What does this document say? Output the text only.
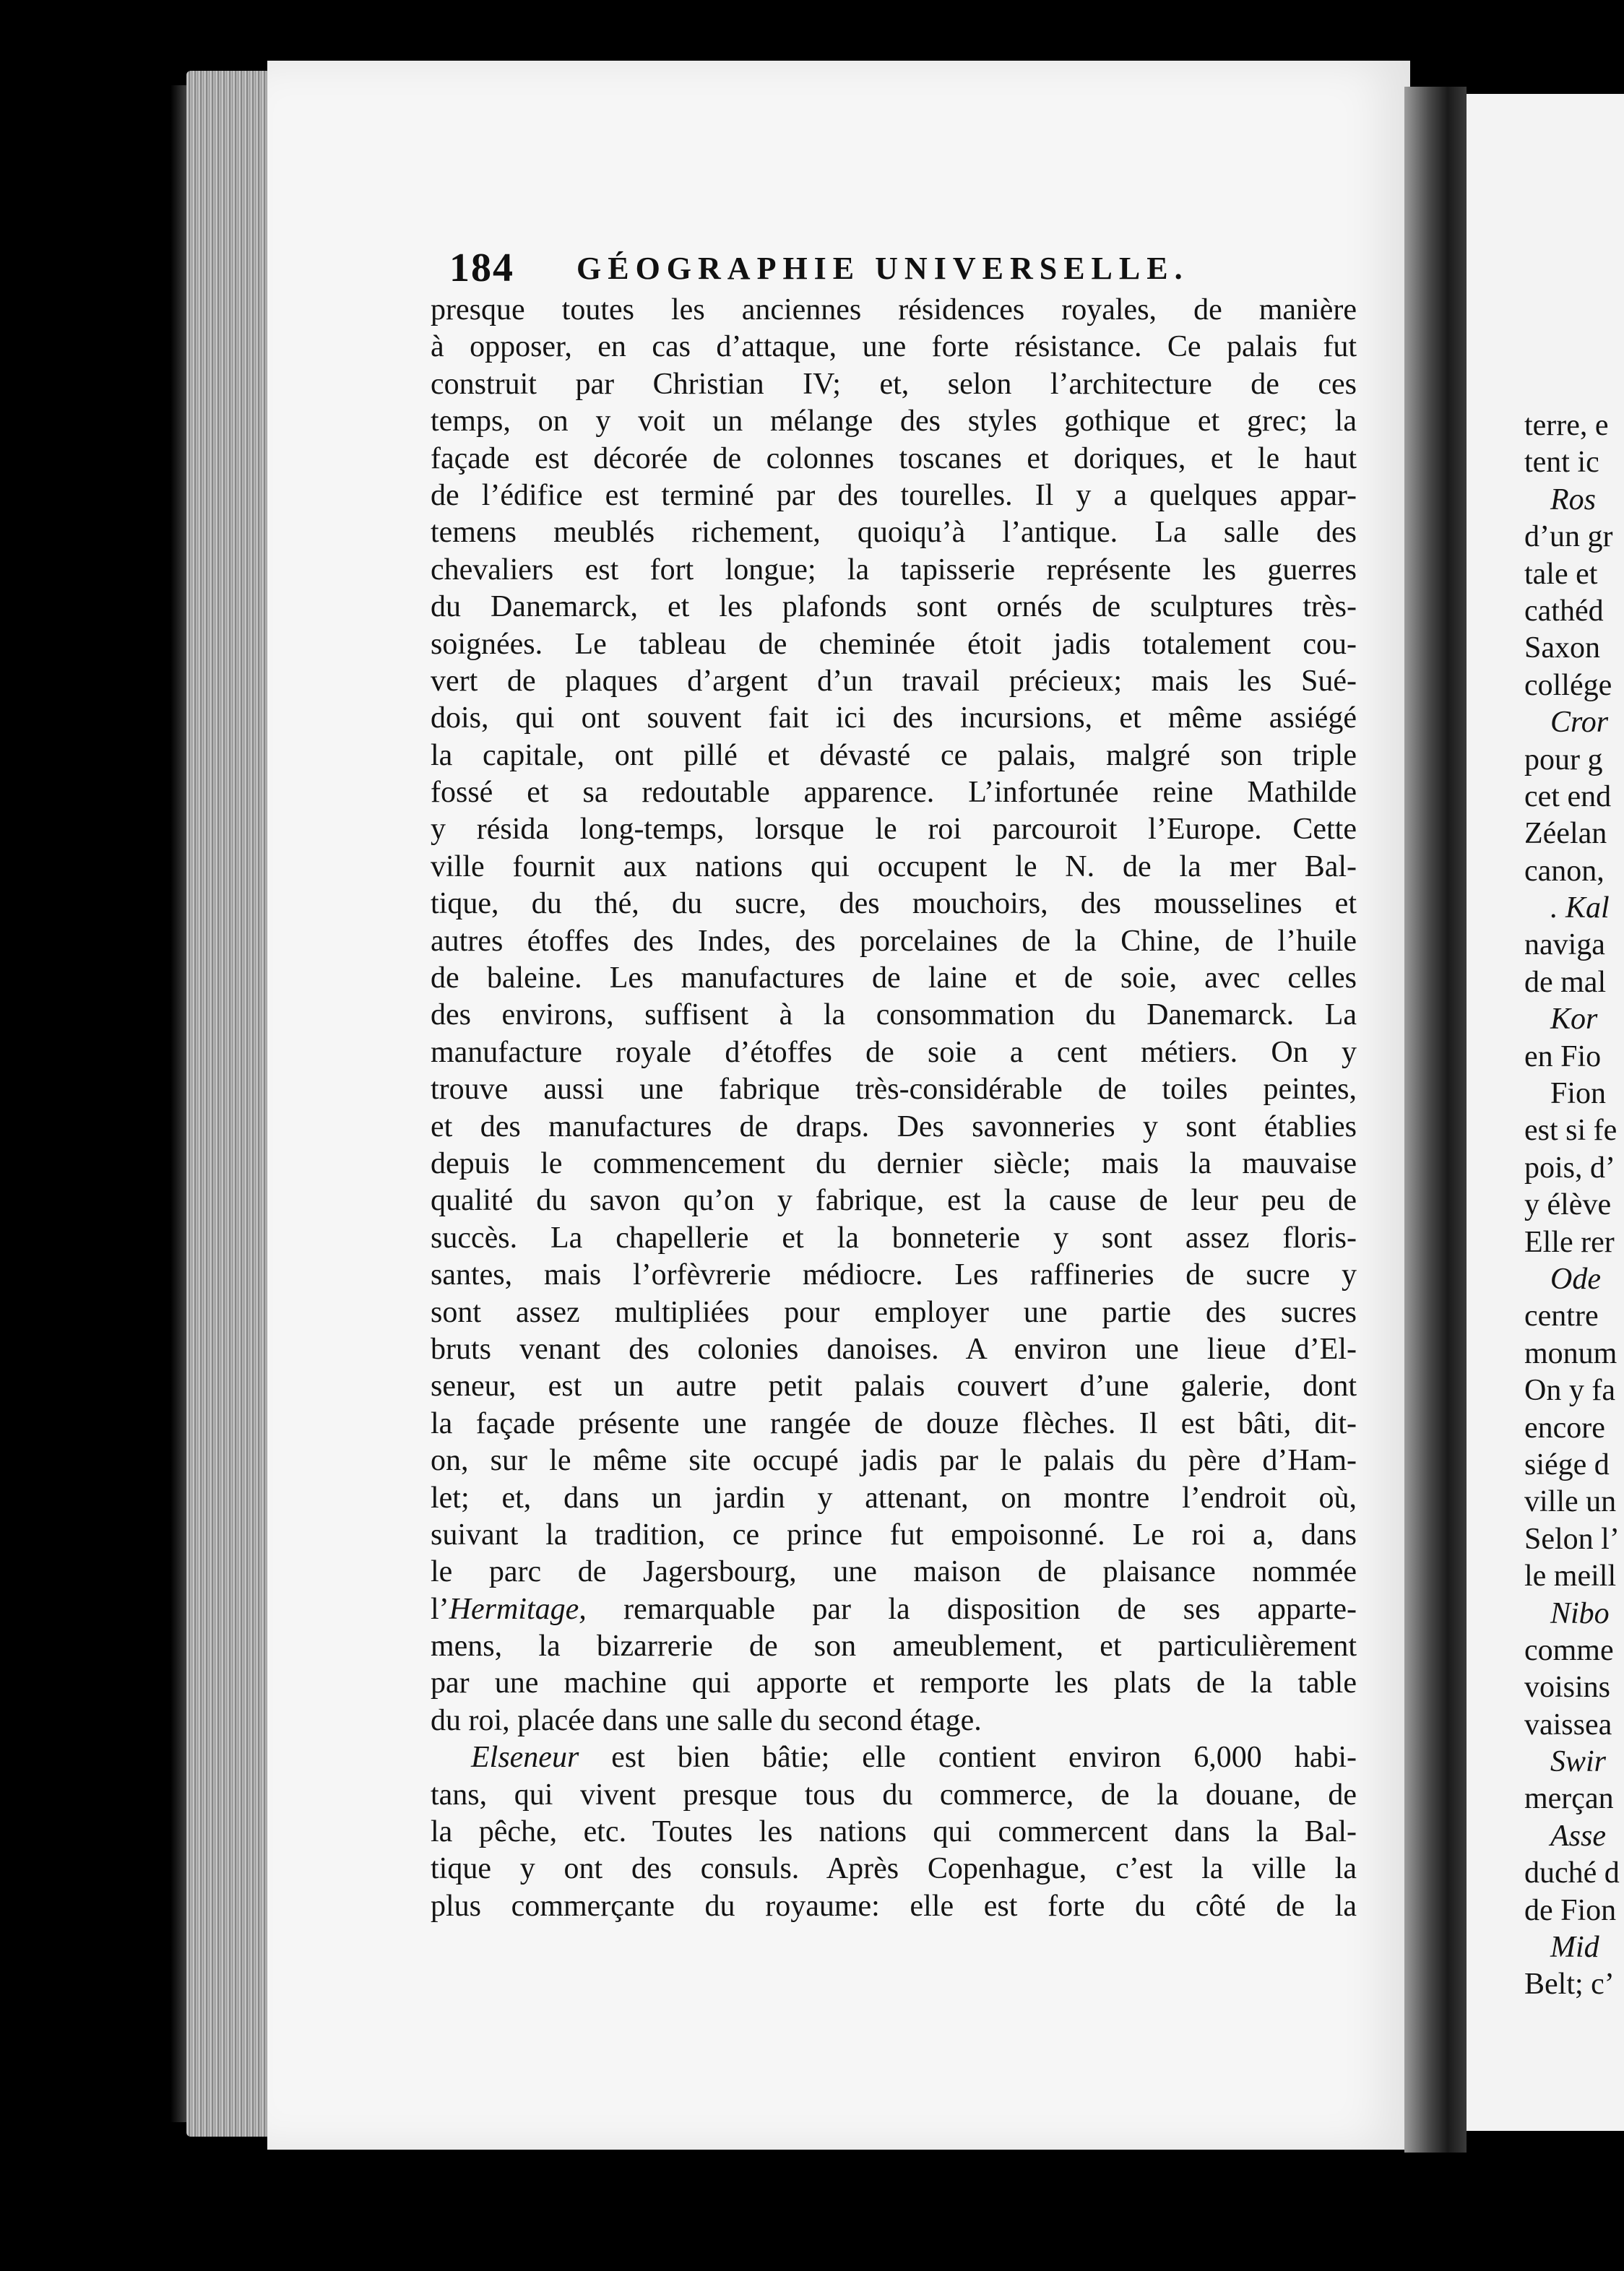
184 GÉOGRAPHIE UNIVERSELLE.
presque toutes les anciennes résidences royales, de manière
à opposer, en cas d’attaque, une forte résistance. Ce palais fut
construit par Christian IV; et, selon l’architecture de ces
temps, on y voit un mélange des styles gothique et grec; la
façade est décorée de colonnes toscanes et doriques, et le haut
de l’édifice est terminé par des tourelles. Il y a quelques appar-
temens meublés richement, quoiqu’à l’antique. La salle des
chevaliers est fort longue; la tapisserie représente les guerres
du Danemarck, et les plafonds sont ornés de sculptures très-
soignées. Le tableau de cheminée étoit jadis totalement cou-
vert de plaques d’argent d’un travail précieux; mais les Sué-
dois, qui ont souvent fait ici des incursions, et même assiégé
la capitale, ont pillé et dévasté ce palais, malgré son triple
fossé et sa redoutable apparence. L’infortunée reine Mathilde
y résida long-temps, lorsque le roi parcouroit l’Europe. Cette
ville fournit aux nations qui occupent le N. de la mer Bal-
tique, du thé, du sucre, des mouchoirs, des mousselines et
autres étoffes des Indes, des porcelaines de la Chine, de l’huile
de baleine. Les manufactures de laine et de soie, avec celles
des environs, suffisent à la consommation du Danemarck. La
manufacture royale d’étoffes de soie a cent métiers. On y
trouve aussi une fabrique très-considérable de toiles peintes,
et des manufactures de draps. Des savonneries y sont établies
depuis le commencement du dernier siècle; mais la mauvaise
qualité du savon qu’on y fabrique, est la cause de leur peu de
succès. La chapellerie et la bonneterie y sont assez floris-
santes, mais l’orfèvrerie médiocre. Les raffineries de sucre y
sont assez multipliées pour employer une partie des sucres
bruts venant des colonies danoises. A environ une lieue d’El-
seneur, est un autre petit palais couvert d’une galerie, dont
la façade présente une rangée de douze flèches. Il est bâti, dit-
on, sur le même site occupé jadis par le palais du père d’Ham-
let; et, dans un jardin y attenant, on montre l’endroit où,
suivant la tradition, ce prince fut empoisonné. Le roi a, dans
le parc de Jagersbourg, une maison de plaisance nommée
l’Hermitage, remarquable par la disposition de ses apparte-
mens, la bizarrerie de son ameublement, et particulièrement
par une machine qui apporte et remporte les plats de la table
du roi, placée dans une salle du second étage.
Elseneur est bien bâtie; elle contient environ 6,000 habi-
tans, qui vivent presque tous du commerce, de la douane, de
la pêche, etc. Toutes les nations qui commercent dans la Bal-
tique y ont des consuls. Après Copenhague, c’est la ville la
plus commerçante du royaume: elle est forte du côté de la
terre, e
tent ic
Ros
d’un gr
tale et
cathéd
Saxon
collége
Cror
pour g
cet end
Zéelan
canon,
. Kal
naviga
de mal
Kor
en Fio
Fion
est si fe
pois, d’
y élève
Elle rer
Ode
centre
monum
On y fa
encore
siége d
ville un
Selon l’
le meill
Nibo
comme
voisins
vaissea
Swir
merçan
Asse
duché d
de Fion
Mid
Belt; c’
